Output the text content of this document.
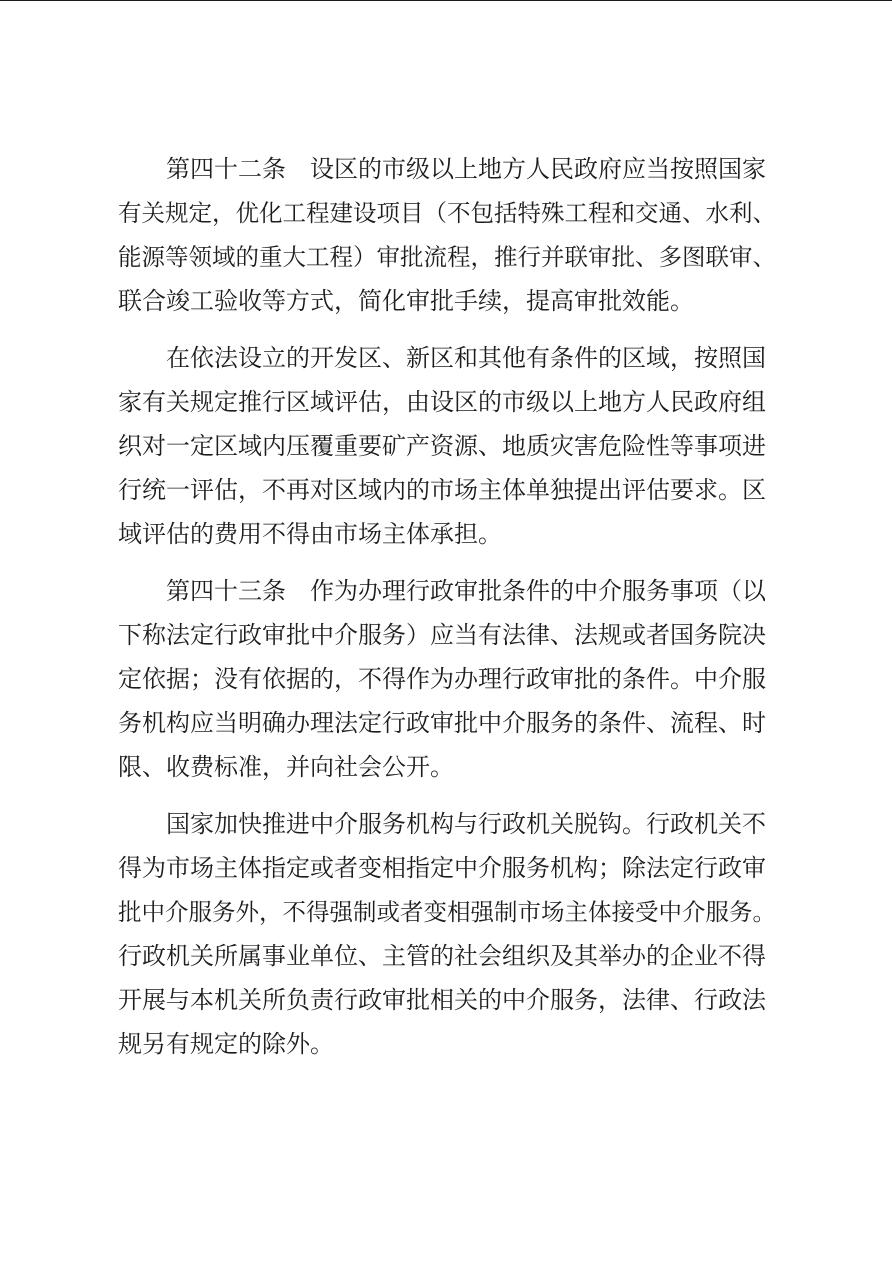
　　第四十二条　设区的市级以上地方人民政府应当按照国家
有关规定，优化工程建设项目（不包括特殊工程和交通、水利、
能源等领域的重大工程）审批流程，推行并联审批、多图联审、
联合竣工验收等方式，简化审批手续，提高审批效能。
　　在依法设立的开发区、新区和其他有条件的区域，按照国
家有关规定推行区域评估，由设区的市级以上地方人民政府组
织对一定区域内压覆重要矿产资源、地质灾害危险性等事项进
行统一评估，不再对区域内的市场主体单独提出评估要求。区
域评估的费用不得由市场主体承担。
　　第四十三条　作为办理行政审批条件的中介服务事项（以
下称法定行政审批中介服务）应当有法律、法规或者国务院决
定依据；没有依据的，不得作为办理行政审批的条件。中介服
务机构应当明确办理法定行政审批中介服务的条件、流程、时
限、收费标准，并向社会公开。
　　国家加快推进中介服务机构与行政机关脱钩。行政机关不
得为市场主体指定或者变相指定中介服务机构；除法定行政审
批中介服务外，不得强制或者变相强制市场主体接受中介服务。
行政机关所属事业单位、主管的社会组织及其举办的企业不得
开展与本机关所负责行政审批相关的中介服务，法律、行政法
规另有规定的除外。
